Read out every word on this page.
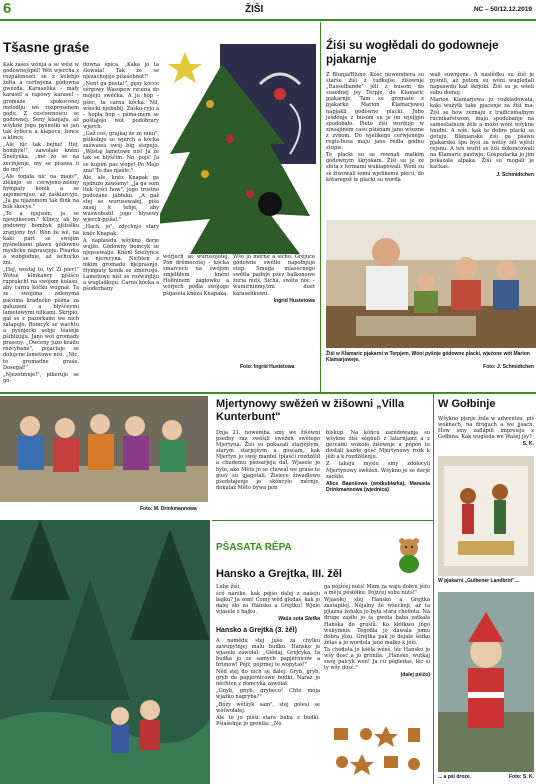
6	ŽIŠI	NC – 50/12.12.2019
Tšasne graśe

Kak zaseś wónja a se wěsi w gódownejšpěl! Wót wjercha z rozpalonosći se z kolebjo žołta a certwjena gódowna gwězda. Karaselika – mały karaseľ a rapowy karaseľ – gromaźe spokoconej melodiju wó rozprosenem gódu. Z cesćownosću se gódownej. Šeny klanjaju, až wšykne jogo pyšnelki se jan tak šybocu a klapocu, bince a klince.

„Ale nic tak bejne! Hej, bombyk!", zawołało kněni Šnežynka, „mě žo se na zecinjenje, my se pisawa li do my!"

„Ale fogala nic na majo!", zlěknjo se cerwjeno-zelený hympaty koník a se zajemérnjuo, až zašklarcyjo. „Ja ga njazomom tak flink na bok skocys."

„To a njejsom, ja se njewjikocom." Klincy, ak by gódowny bombyk pjśtušku zranjony był. Wón že wě, na kaki part se swójim pyšnelkami pławu gódownu myslicku naprawjeje. Pisarka a wobgódnie, až ischućko zni.

„Hej, wostaj to, ty! Zi piec!" Wótse klinkancy pjśišćo ruprakcht na swójom kolasu, aby carnu kóčku wugnał. Ta ze swójima zelenyma pacoma kradućko pšima za gałuzami a błyšćeymi lametowymi nitkami. Skripio, gał se z pazorkami we nich załapujo. Bomcyk se wachtu a pyšnjećki sebje tšašnje pšiblizuju. Jano wót gromady prassny. „Owčeny jużo kradu rozcybane", pojaciuje se dołujcne lametowe niśi. „Nic, to gromadne graśe. Dosegał!"

„Njezotmnje!", pikerujo se gó-

downa špica. „Kaka jo ta šlowała! Tak že se njezachojśjo pišaśebnot!"

„Nent ga pusta!", gęsy kocce sśrgowy Wasopow rzcena do mójeju swěcka. A ju hop – pšec, ta carna kócka. Nil, wšecki njebubij. Zasko-cyjo a – hopła hop – pšina-mem se poštajojo wót podobrary wjerch.

„Gaž coś, grajkaj że ze mnu", pšikulnjo se wjerch a kócka zaśwawa swój big stopujo. „Wóstaj lametowe niś! Ja źe tak se blyščim. No, pojś! Ja se kupim pas wopy! Po Majo zna! To das njašle."

Ale, ale, kněz Knapak ga njebuźo zawśeny! „Ja ga som ltek tyści how", jogo trostno podożane jabłuko. „A gaž stej se wurusowałej, pišo zasej k tebje, aby wuswobožił jogo blysewy wjerch-pjśšal."

„Hach, jo", zdychnjo stary kněz Knapak.

A napławdu wšykno derje wujźo. Gódowny bomcyk se njepsewaljo. Kněni Šnežynce se njerecyna. Nichten z nikim gromadu njeprasnjo. Hympaty koník se zmerusjo. Lametowe niśi se rozwinjliju a wugladkuju. Carna kócka a pšoderbany

wórjech se wurusujotej. Pón drěmocotej – kócka smarcecu na swójom smjelblem kněni Holininem zagłowku a wórjech pódla swójogo pšijaśela kněza Knapaka.

Wšo jo měrne a sicho. Gréjuce gódowne swětło napołnjujo stup. Smuga mlasecnego swětła padnjo pšez balkonowe źuria nutś. Sicha, swěta noc – wumirninmy/zni duet karaselikowu.

Ingrid Hustetowa

Foto: Ingrid Hustetowa
Źiśi su wogłědali do godowneje pjakarnje

Z Blunja/Bluno. Kóśc nowembera su starše źiśi z tudkejše žiśownje „Rasselbande" jěli z busom do susednej jsy Terpje, do Klamaric pjakarnje. Tam su gromaźe z pjakarku Marion Klamarjowej napjakli gódowne placki. Jubo ješděnje z busom su je im wjeljgin spodobało. Pieto žiśi wordujo w zinsajinem casu pšiśnam jano wšozne z zvnom. Do wjelikego cerwjenego regis-busa maju jano redla gódnu stupis.

Te placki su se rownali malkim gódownym škrjokam. Žiśi su je ze słota z formami wuklapowali. Wóni su se žiwowali tomu wjelikemu piecu, do kótaregož te placki su worda

wali suwnjone. A naslědku su žiśi je pyśnili, až potom su wóni wugledali napśawdu kaž škrjoki. Žiśi su je wšeli sobu domoj.

Marion Klamarjowa jo rozkładowała, kaki wužytk take pjacenje za žiśi ma. Žiśi se how zeznaju z tradicionalnym rucnikařstwom, maju spódobanje na samostatnem źěle a móžo wóni wšykne hnidni. A wše, kak te dobre placki se gotuju. Błanianske žiśi ga pšawu pjakarsku špu byśi za wětšy žěl wjěsli rejsnu. A ten wuřit se žiśi dokoncowali na Klamaric pastwje. Gospodarka jo jim pokazała alpaka. Žiśi su mogali je kaćkas.

J. Schmidtchen

Žiśi w Klamaric pjakarni w Terpjem. Wóni pyšnje gódowne placki, wjeźone wót Marion Klamarjoweje.
Foto: J. Schmidtchen
Foto: M. Drinkmannowa
Mjertynowy swěźeń w žišowni „Villa Kunterbunt"

Dnja 21. nowemba smy we žišowni pśedny raz swěšili swěźeń swětego Mjertyna. Žiśi su pokazali starjejšym, starym starjejšym a gósćam, kak Mjertyn jo swój mantel (płašć) rozdźělił a chudemu pšosarjeju dał. Wjasele jo było, ako Měto jo se chowal we graśe te gusy su gjagotali. Žisiece žiwadłowe pśedstajenje jo skóncyło měrnje, dokulaž Měto bywa pón

biskup. Na kóńcu zarédowanja su wšykne žiśi sěgnuli z latarnjami a z gercami wokoło žišownje a pópón te dostali každe gósć Mjertynowy rožk k jěži a k rozdźělenju.

Z takeju myslu smy zdołocyli Mjertynowy swěźeń. Wšykno jo se derje zaršilo.

Alice Baenšowa (wotkublarka), Manuela Drinkmannowa (wjednica)

W Gołbinje

Wšykno pjsnje žule w adwentsu, piś woknach, na drogach a we jjsach. How smy zaflapili impresiju z Gołbina. Kak wugleda we Wašej jsy?

S. K.

W pjakarni „Gulbener Landbrot"...
... a pśi droze.	Foto: S. K.
PŠASATA RĚPA
Hansko a Grejtka, III. žěl

Lube žiśi,

ścó narske, kak pójśo dalej z našeju bajku? Ja som! Comy wěd gledaś, kak jo dalej šło za Hansko a Grejtku! Wjele wjasele z bajku.

Waša sota Stefka

Hansko a Grejtka (3. žěl)

A namědu stej jušo za chylku zawupytnjej malu budku. Hansko jo wjasele zawołał: „Glědaj, Grejcyka, ta budka jo ze samych papjernicow a brunow! Pójź, pójźmej te wopytaś!"

Něd stej do nich se dalej: Gryb, gryb, gryb do papjernicowe budki. Naraz jo něchten z domcyka zawołał:

„Gnyb, gnyb, grybeco! Chto mója wjažko nagryba?"

„Bóžy wětšyk sam", stej gólesi se wótwołałej.

Ale to jo pišši stara baba z budki. Pšiašełnje jo gronila: „No

ga pójźćej nutś! Mam za waju dobru jěźu a mě|u pósłółku. Pójźćej sobu nutś!"

Wjasołej stej Hansko a Grejtka zastupiłej. Nějalny že wšeckeji, až ta pjiazna žeńska jo była stara chodota. Na druge zajšło jo ta gwota baba zatkała Hanska do groślů. Ko kłótkwo jogo wukymnis. Tegodla jo dawala jomu dobra jězu. Grejtka pak jo dejała šěžko žělaś a jo wordula jano małko k jěži.

Ta chódota jo kšěła wěeš, lěc Hansko jo wšy dosć a jo gronila: „Hansko, wutkaj swój palcyk wen! Ja cu pógledaś, lěc si ty wšy dosć."

(dalej pśiźo)
